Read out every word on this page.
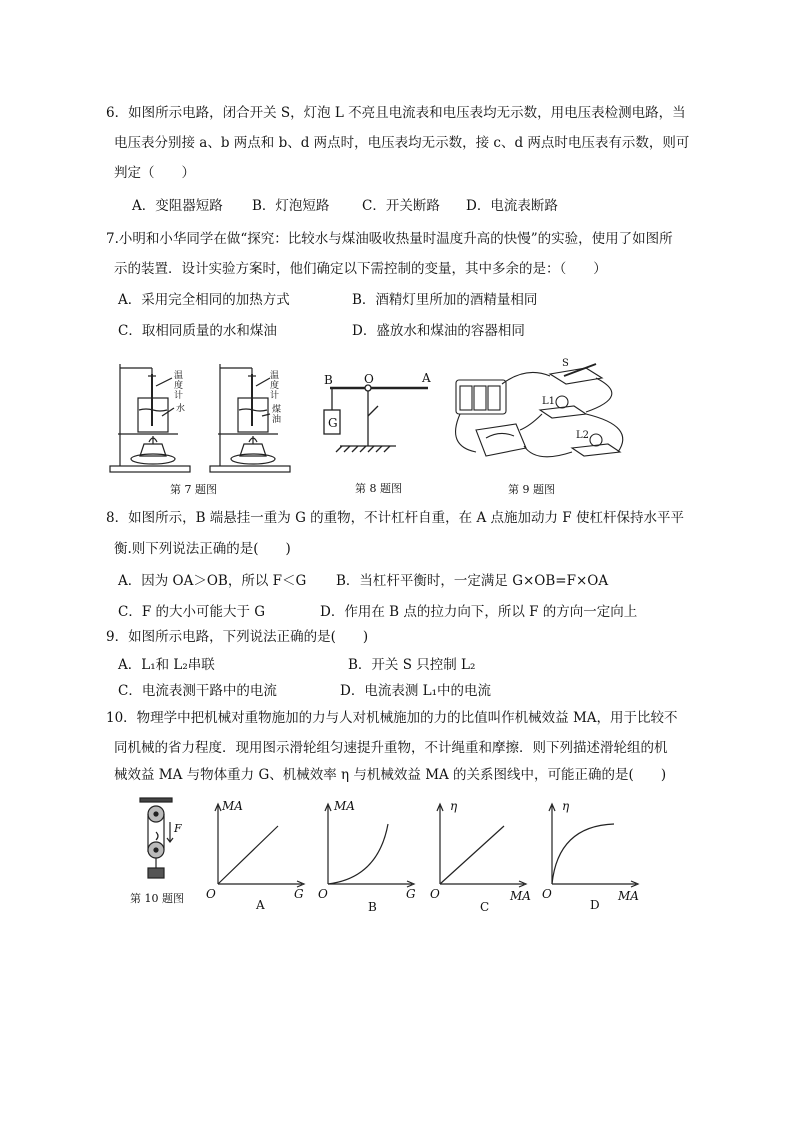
6．如图所示电路，闭合开关 S，灯泡 L 不亮且电流表和电压表均无示数，用电压表检测电路，当
电压表分别接 a、b 两点和 b、d 两点时，电压表均无示数，接 c、d 两点时电压表有示数，则可
判定（　　）
A．变阻器短路 B．灯泡短路 C．开关断路 D．电流表断路
7.小明和小华同学在做“探究：比较水与煤油吸收热量时温度升高的快慢”的实验，使用了如图所
示的装置．设计实验方案时，他们确定以下需控制的变量，其中多余的是：（　　）
A．采用完全相同的加热方式	B．酒精灯里所加的酒精量相同
C．取相同质量的水和煤油	D．盛放水和煤油的容器相同
温
度
计
水
温
度
计
煤
油
第 7 题图
B	O	A
G
第 8 题图
S
L1
L2
第 9 题图
8．如图所示，B 端悬挂一重为 G 的重物，不计杠杆自重，在 A 点施加动力 F 使杠杆保持水平平
衡.则下列说法正确的是(　　)
A．因为 OA＞OB，所以 F＜G B．当杠杆平衡时，一定满足 G×OB=F×OA
C．F 的大小可能大于 G	D．作用在 B 点的拉力向下，所以 F 的方向一定向上
9．如图所示电路，下列说法正确的是(　　)
A．L₁和 L₂串联	B．开关 S 只控制 L₂
C．电流表测干路中的电流	D．电流表测 L₁中的电流
10．物理学中把机械对重物施加的力与人对机械施加的力的比值叫作机械效益 MA，用于比较不
同机械的省力程度．现用图示滑轮组匀速提升重物，不计绳重和摩擦．则下列描述滑轮组的机
械效益 MA 与物体重力 G、机械效率 η 与机械效益 MA 的关系图线中，可能正确的是(　　)
F
第 10 题图
MA
G
O
A
MA
G
O
B
η
MA
O
C
η
MA
O
D
